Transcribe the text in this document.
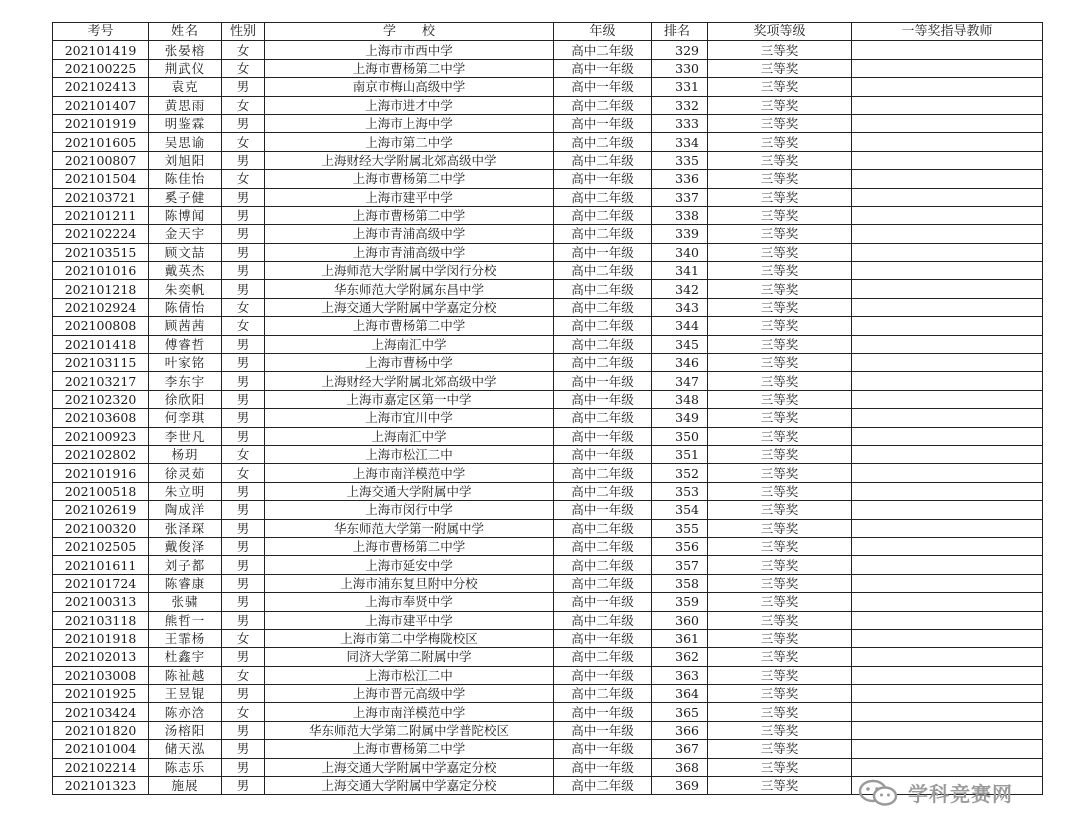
考号	姓名	性别	学　　校	年级	排名	奖项等级	一等奖指导教师
202101419	张晏榕	女	上海市市西中学	高中二年级	329	三等奖	
202100225	荆武仪	女	上海市曹杨第二中学	高中一年级	330	三等奖	
202102413	袁克	男	南京市梅山高级中学	高中一年级	331	三等奖	
202101407	黄思雨	女	上海市进才中学	高中二年级	332	三等奖	
202101919	明鉴霖	男	上海市上海中学	高中一年级	333	三等奖	
202101605	吴思谕	女	上海市第二中学	高中二年级	334	三等奖	
202100807	刘旭阳	男	上海财经大学附属北郊高级中学	高中二年级	335	三等奖	
202101504	陈佳怡	女	上海市曹杨第二中学	高中一年级	336	三等奖	
202103721	奚子健	男	上海市建平中学	高中二年级	337	三等奖	
202101211	陈博闻	男	上海市曹杨第二中学	高中二年级	338	三等奖	
202102224	金天宇	男	上海市青浦高级中学	高中二年级	339	三等奖	
202103515	顾文喆	男	上海市青浦高级中学	高中一年级	340	三等奖	
202101016	戴英杰	男	上海师范大学附属中学闵行分校	高中二年级	341	三等奖	
202101218	朱奕帆	男	华东师范大学附属东昌中学	高中二年级	342	三等奖	
202102924	陈倩怡	女	上海交通大学附属中学嘉定分校	高中二年级	343	三等奖	
202100808	顾茜茜	女	上海市曹杨第二中学	高中二年级	344	三等奖	
202101418	傅睿哲	男	上海南汇中学	高中二年级	345	三等奖	
202103115	叶家铭	男	上海市曹杨中学	高中二年级	346	三等奖	
202103217	李东宇	男	上海财经大学附属北郊高级中学	高中一年级	347	三等奖	
202102320	徐欣阳	男	上海市嘉定区第一中学	高中一年级	348	三等奖	
202103608	何孪琪	男	上海市宜川中学	高中二年级	349	三等奖	
202100923	李世凡	男	上海南汇中学	高中一年级	350	三等奖	
202102802	杨玥	女	上海市松江二中	高中一年级	351	三等奖	
202101916	徐灵茹	女	上海市南洋模范中学	高中二年级	352	三等奖	
202100518	朱立明	男	上海交通大学附属中学	高中二年级	353	三等奖	
202102619	陶成洋	男	上海市闵行中学	高中一年级	354	三等奖	
202100320	张泽琛	男	华东师范大学第一附属中学	高中二年级	355	三等奖	
202102505	戴俊泽	男	上海市曹杨第二中学	高中二年级	356	三等奖	
202101611	刘子都	男	上海市延安中学	高中二年级	357	三等奖	
202101724	陈睿康	男	上海市浦东复旦附中分校	高中二年级	358	三等奖	
202100313	张骕	男	上海市奉贤中学	高中一年级	359	三等奖	
202103118	熊哲一	男	上海市建平中学	高中二年级	360	三等奖	
202101918	王霏杨	女	上海市第二中学梅陇校区	高中一年级	361	三等奖	
202102013	杜鑫宇	男	同济大学第二附属中学	高中二年级	362	三等奖	
202103008	陈祉越	女	上海市松江二中	高中一年级	363	三等奖	
202101925	王昱锟	男	上海市晋元高级中学	高中二年级	364	三等奖	
202103424	陈亦浛	女	上海市南洋模范中学	高中一年级	365	三等奖	
202101820	汤榕阳	男	华东师范大学第二附属中学普陀校区	高中一年级	366	三等奖	
202101004	储天泓	男	上海市曹杨第二中学	高中一年级	367	三等奖	
202102214	陈志乐	男	上海交通大学附属中学嘉定分校	高中一年级	368	三等奖	
202101323	施展	男	上海交通大学附属中学嘉定分校	高中二年级	369	三等奖		学科竞赛网
